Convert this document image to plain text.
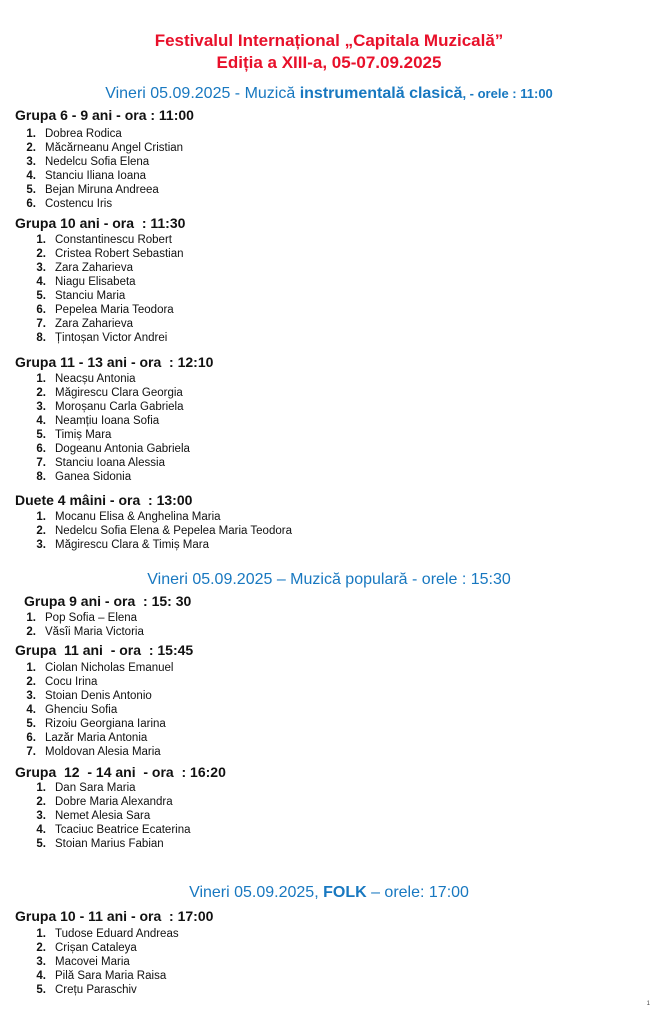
Festivalul Internațional „Capitala Muzicală”
Ediția a XIII-a, 05-07.09.2025
Vineri 05.09.2025 - Muzică instrumentală clasică, - orele : 11:00
Grupa 6 - 9 ani - ora : 11:00
1. Dobrea Rodica
2. Măcărneanu Angel Cristian
3. Nedelcu Sofia Elena
4. Stanciu Iliana Ioana
5. Bejan Miruna Andreea
6. Costencu Iris
Grupa 10 ani - ora  : 11:30
1. Constantinescu Robert
2. Cristea Robert Sebastian
3. Zara Zaharieva
4. Niagu Elisabeta
5. Stanciu Maria
6. Pepelea Maria Teodora
7. Zara Zaharieva
8. Țintoșan Victor Andrei
Grupa 11 - 13 ani - ora  : 12:10
1. Neacșu Antonia
2. Măgirescu Clara Georgia
3. Moroșanu Carla Gabriela
4. Neamțiu Ioana Sofia
5. Timiș Mara
6. Dogeanu Antonia Gabriela
7. Stanciu Ioana Alessia
8. Ganea Sidonia
Duete 4 mâini - ora  : 13:00
1. Mocanu Elisa & Anghelina Maria
2. Nedelcu Sofia Elena & Pepelea Maria Teodora
3. Măgirescu Clara & Timiș Mara
Vineri 05.09.2025 – Muzică populară - orele : 15:30
Grupa 9 ani - ora  : 15: 30
1. Pop Sofia – Elena
2. Văsîi Maria Victoria
Grupa  11 ani  - ora  : 15:45
1. Ciolan Nicholas Emanuel
2. Cocu Irina
3. Stoian Denis Antonio
4. Ghenciu Sofia
5. Rizoiu Georgiana Iarina
6. Lazăr Maria Antonia
7. Moldovan Alesia Maria
Grupa  12  - 14 ani  - ora  : 16:20
1. Dan Sara Maria
2. Dobre Maria Alexandra
3. Nemet Alesia Sara
4. Tcaciuc Beatrice Ecaterina
5. Stoian Marius Fabian
Vineri 05.09.2025, FOLK – orele: 17:00
Grupa 10 - 11 ani - ora  : 17:00
1. Tudose Eduard Andreas
2. Crișan Cataleya
3. Macovei Maria
4. Pilă Sara Maria Raisa
5. Crețu Paraschiv
1
